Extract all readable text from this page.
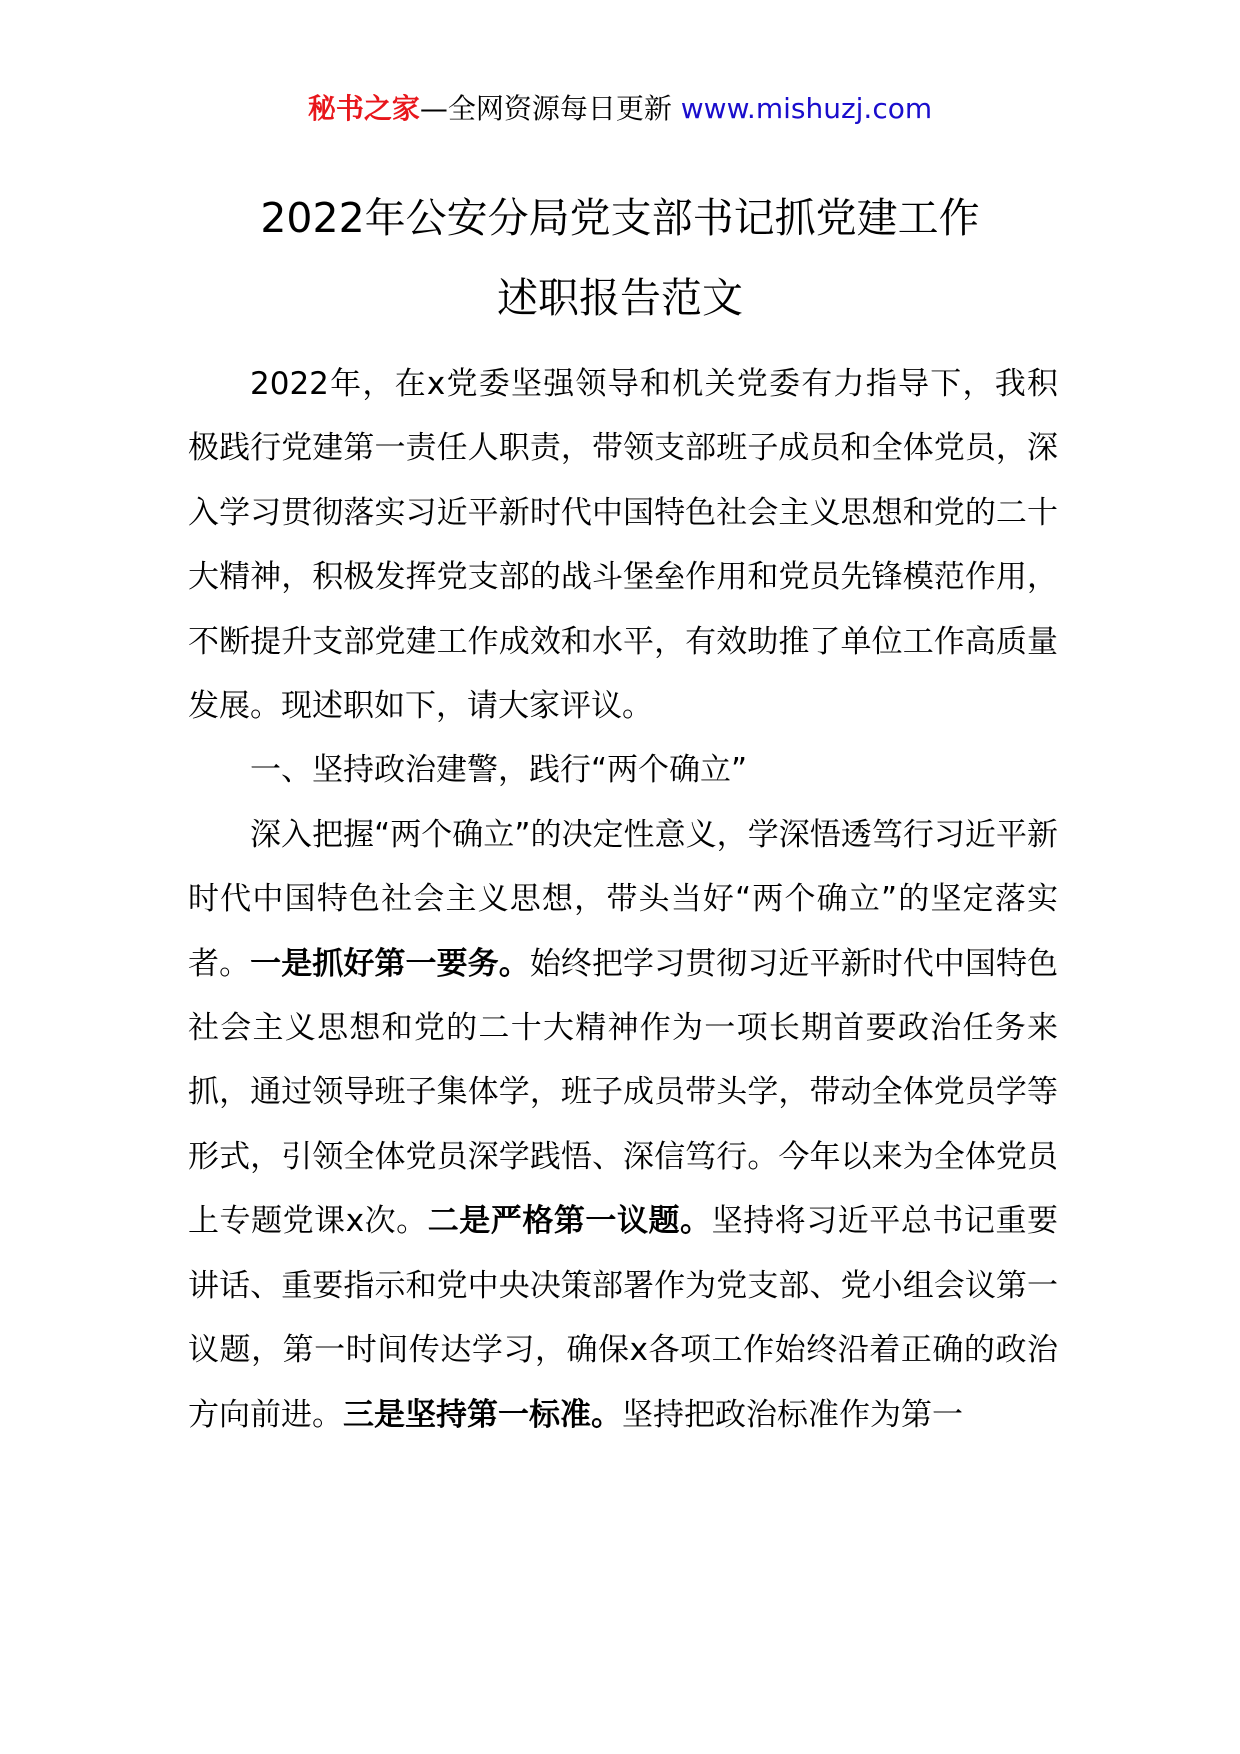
秘书之家—全网资源每日更新 www.mishuzj.com
2022年公安分局党支部书记抓党建工作
述职报告范文

2022年，在x党委坚强领导和机关党委有力指导下，我积极践行党建第一责任人职责，带领支部班子成员和全体党员，深入学习贯彻落实习近平新时代中国特色社会主义思想和党的二十大精神，积极发挥党支部的战斗堡垒作用和党员先锋模范作用，不断提升支部党建工作成效和水平，有效助推了单位工作高质量发展。现述职如下，请大家评议。

一、坚持政治建警，践行“两个确立”

深入把握“两个确立”的决定性意义，学深悟透笃行习近平新时代中国特色社会主义思想，带头当好“两个确立”的坚定落实者。一是抓好第一要务。始终把学习贯彻习近平新时代中国特色社会主义思想和党的二十大精神作为一项长期首要政治任务来抓，通过领导班子集体学，班子成员带头学，带动全体党员学等形式，引领全体党员深学践悟、深信笃行。今年以来为全体党员上专题党课x次。二是严格第一议题。坚持将习近平总书记重要讲话、重要指示和党中央决策部署作为党支部、党小组会议第一议题，第一时间传达学习，确保x各项工作始终沿着正确的政治方向前进。三是坚持第一标准。坚持把政治标准作为第一
